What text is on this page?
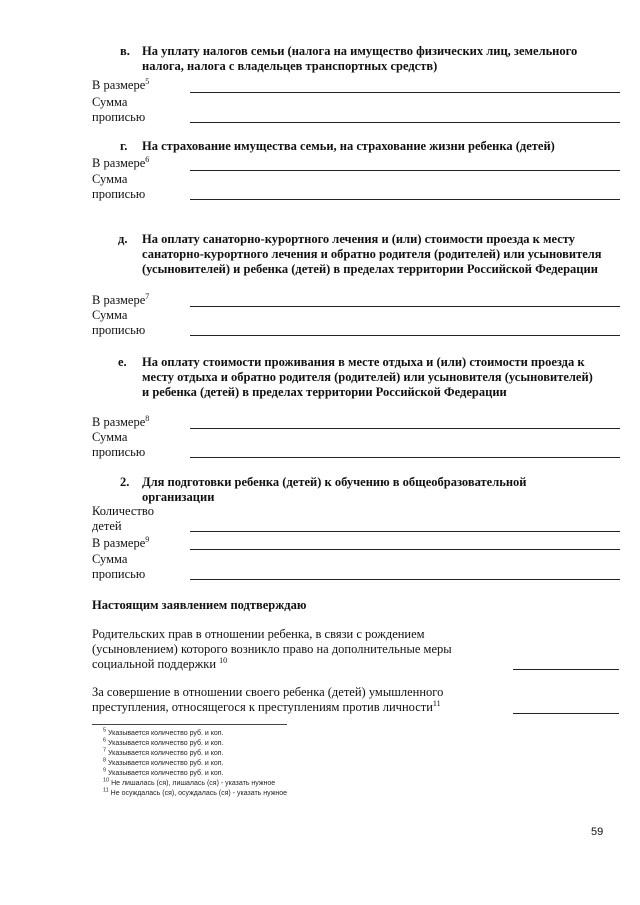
в. На уплату налогов семьи (налога на имущество физических лиц, земельного налога, налога с владельцев транспортных средств)
В размере$^5$
Сумма
прописью
г. На страхование имущества семьи, на страхование жизни ребенка (детей)
В размере$^6$
Сумма
прописью
д. На оплату санаторно-курортного лечения и (или) стоимости проезда к месту санаторно-курортного лечения и обратно родителя (родителей) или усыновителя (усыновителей) и ребенка (детей) в пределах территории Российской Федерации
В размере$^7$
Сумма
прописью
е. На оплату стоимости проживания в месте отдыха и (или) стоимости проезда к месту отдыха и обратно родителя (родителей) или усыновителя (усыновителей) и ребенка (детей) в пределах территории Российской Федерации
В размере$^8$
Сумма
прописью
2. Для подготовки ребенка (детей) к обучению в общеобразовательной организации
Количество
детей
В размере$^9$
Сумма
прописью
Настоящим заявлением подтверждаю
Родительских прав в отношении ребенка, в связи с рождением (усыновлением) которого возникло право на дополнительные меры социальной поддержки $^{10}$
За совершение в отношении своего ребенка (детей) умышленного преступления, относящегося к преступлениям против личности$^{11}$
$^5$ Указывается количество руб. и коп.
$^6$ Указывается количество руб. и коп.
$^7$ Указывается количество руб. и коп.
$^8$ Указывается количество руб. и коп.
$^9$ Указывается количество руб. и коп.
$^{10}$ Не лишалась (ся), лишалась (ся) - указать нужное
$^{11}$ Не осуждалась (ся), осуждалась (ся) - указать нужное
59
